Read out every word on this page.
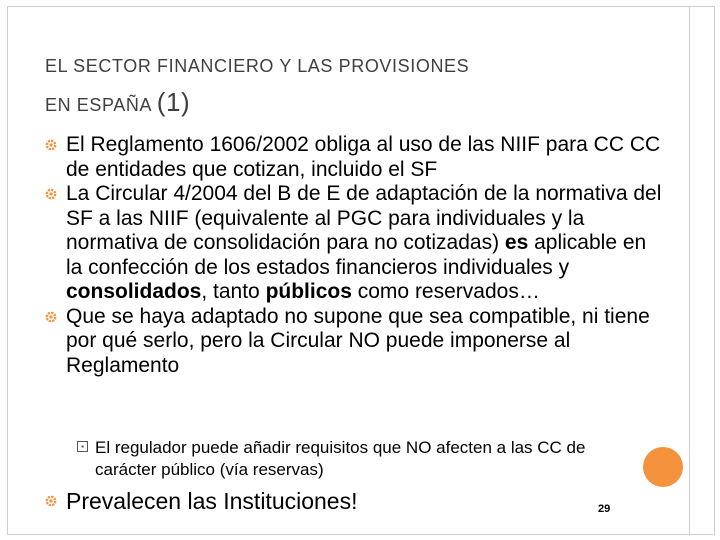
EL SECTOR FINANCIERO Y LAS PROVISIONES
EN ESPAÑA (1)
El Reglamento 1606/2002 obliga al uso de las NIIF para CC CC de entidades que cotizan, incluido el SF
La Circular 4/2004 del B de E de adaptación de la normativa del SF a las NIIF (equivalente al PGC para individuales y la normativa de consolidación para no cotizadas) es aplicable en la confección de los estados financieros individuales y consolidados, tanto públicos como reservados…
Que se haya adaptado no supone que sea compatible, ni tiene por qué serlo, pero la Circular NO puede imponerse al Reglamento
▪ El regulador puede añadir requisitos que NO afecten a las CC de carácter público (vía reservas)
Prevalecen las Instituciones!	29
